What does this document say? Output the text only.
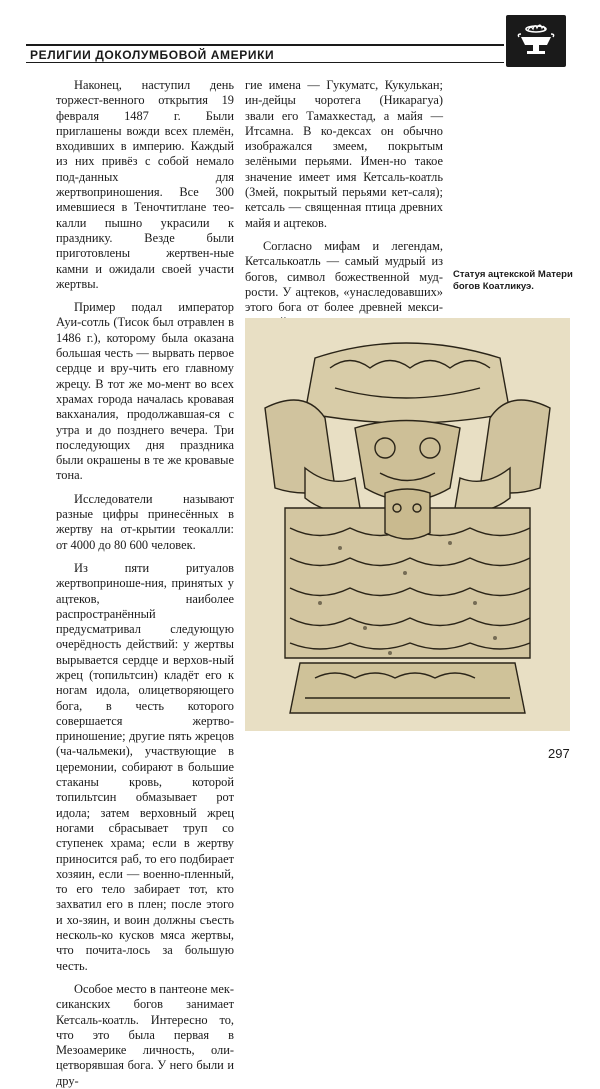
РЕЛИГИИ ДОКОЛУМБОВОЙ АМЕРИКИ

Наконец, наступил день торжест-венного открытия 19 февраля 1487 г. Были приглашены вожди всех племён, входивших в империю. Каждый из них привёз с собой немало под-данных для жертвоприношения. Все 300 имевшиеся в Теночтитлане тео-калли пышно украсили к празднику. Везде были приготовлены жертвен-ные камни и ожидали своей участи жертвы.

Пример подал император Ауи-сотль (Тисок был отравлен в 1486 г.), которому была оказана большая честь — вырвать первое сердце и вру-чить его главному жрецу. В тот же мо-мент во всех храмах города началась кровавая вакханалия, продолжавшая-ся с утра и до позднего вечера. Три последующих дня праздника были окрашены в те же кровавые тона.

Исследователи называют разные цифры принесённых в жертву на от-крытии теокалли: от 4000 до 80 600 человек.

Из пяти ритуалов жертвоприноше-ния, принятых у ацтеков, наиболее распространённый предусматривал следующую очерёдность действий: у жертвы вырывается сердце и верхов-ный жрец (топильтсин) кладёт его к ногам идола, олицетворяющего бога, в честь которого совершается жертво-приношение; другие пять жрецов (ча-чальмеки), участвующие в церемонии, собирают в большие стаканы кровь, которой топильтсин обмазывает рот идола; затем верховный жрец ногами сбрасывает труп со ступенек храма; если в жертву приносится раб, то его подбирает хозяин, если — военно-пленный, то его тело забирает тот, кто захватил его в плен; после этого и хо-зяин, и воин должны съесть несколь-ко кусков мяса жертвы, что почита-лось за большую честь.

Особое место в пантеоне мек-сиканских богов занимает Кетсаль-коатль. Интересно то, что это была первая в Мезоамерике личность, оли-цетворявшая бога. У него были и дру-

гие имена — Гукуматс, Кукулькан; ин-дейцы чоротега (Никарагуа) звали его Тамахкестад, а майя — Итсамна. В ко-дексах он обычно изображался змеем, покрытым зелёными перьями. Имен-но такое значение имеет имя Кетсаль-коатль (Змей, покрытый перьями кет-саля); кетсаль — священная птица древних майя и ацтеков.

Согласно мифам и легендам, Кетсалькоатль — самый мудрый из богов, символ божественной муд-рости. У ацтеков, «унаследовавших» этого бога от более древней мекси-

Статуя ацтекской Матери богов Коатликуэ.
297
